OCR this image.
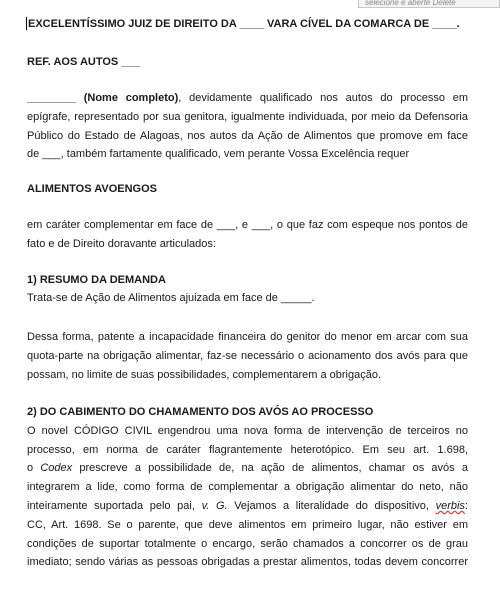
selecione e aberte Delete
EXCELENTÍSSIMO JUIZ DE DIREITO DA ____ VARA CÍVEL DA COMARCA DE ____.
REF. AOS AUTOS ___
________ (Nome completo), devidamente qualificado nos autos do processo em
epígrafe, representado por sua genitora, igualmente individuada, por meio da Defensoria
Público do Estado de Alagoas, nos autos da Ação de Alimentos que promove em face
de ___, também fartamente qualificado, vem perante Vossa Excelência requer
ALIMENTOS AVOENGOS
em caráter complementar em face de ___, e ___, o que faz com espeque nos pontos de
fato e de Direito doravante articulados:
1) RESUMO DA DEMANDA
Trata-se de Ação de Alimentos ajuizada em face de _____.
Dessa forma, patente a incapacidade financeira do genitor do menor em arcar com sua
quota-parte na obrigação alimentar, faz-se necessário o acionamento dos avós para que
possam, no limite de suas possibilidades, complementarem a obrigação.
2) DO CABIMENTO DO CHAMAMENTO DOS AVÓS AO PROCESSO
O novel CÓDIGO CIVIL engendrou uma nova forma de intervenção de terceiros no
processo, em norma de caráter flagrantemente heterotópico. Em seu art. 1.698,
o Codex prescreve a possibilidade de, na ação de alimentos, chamar os avós a
integrarem a lide, como forma de complementar a obrigação alimentar do neto, não
inteiramente suportada pelo pai, v. G. Vejamos a literalidade do dispositivo, verbis:
CC, Art. 1698. Se o parente, que deve alimentos em primeiro lugar, não estiver em
condições de suportar totalmente o encargo, serão chamados a concorrer os de grau
imediato; sendo várias as pessoas obrigadas a prestar alimentos, todas devem concorrer
